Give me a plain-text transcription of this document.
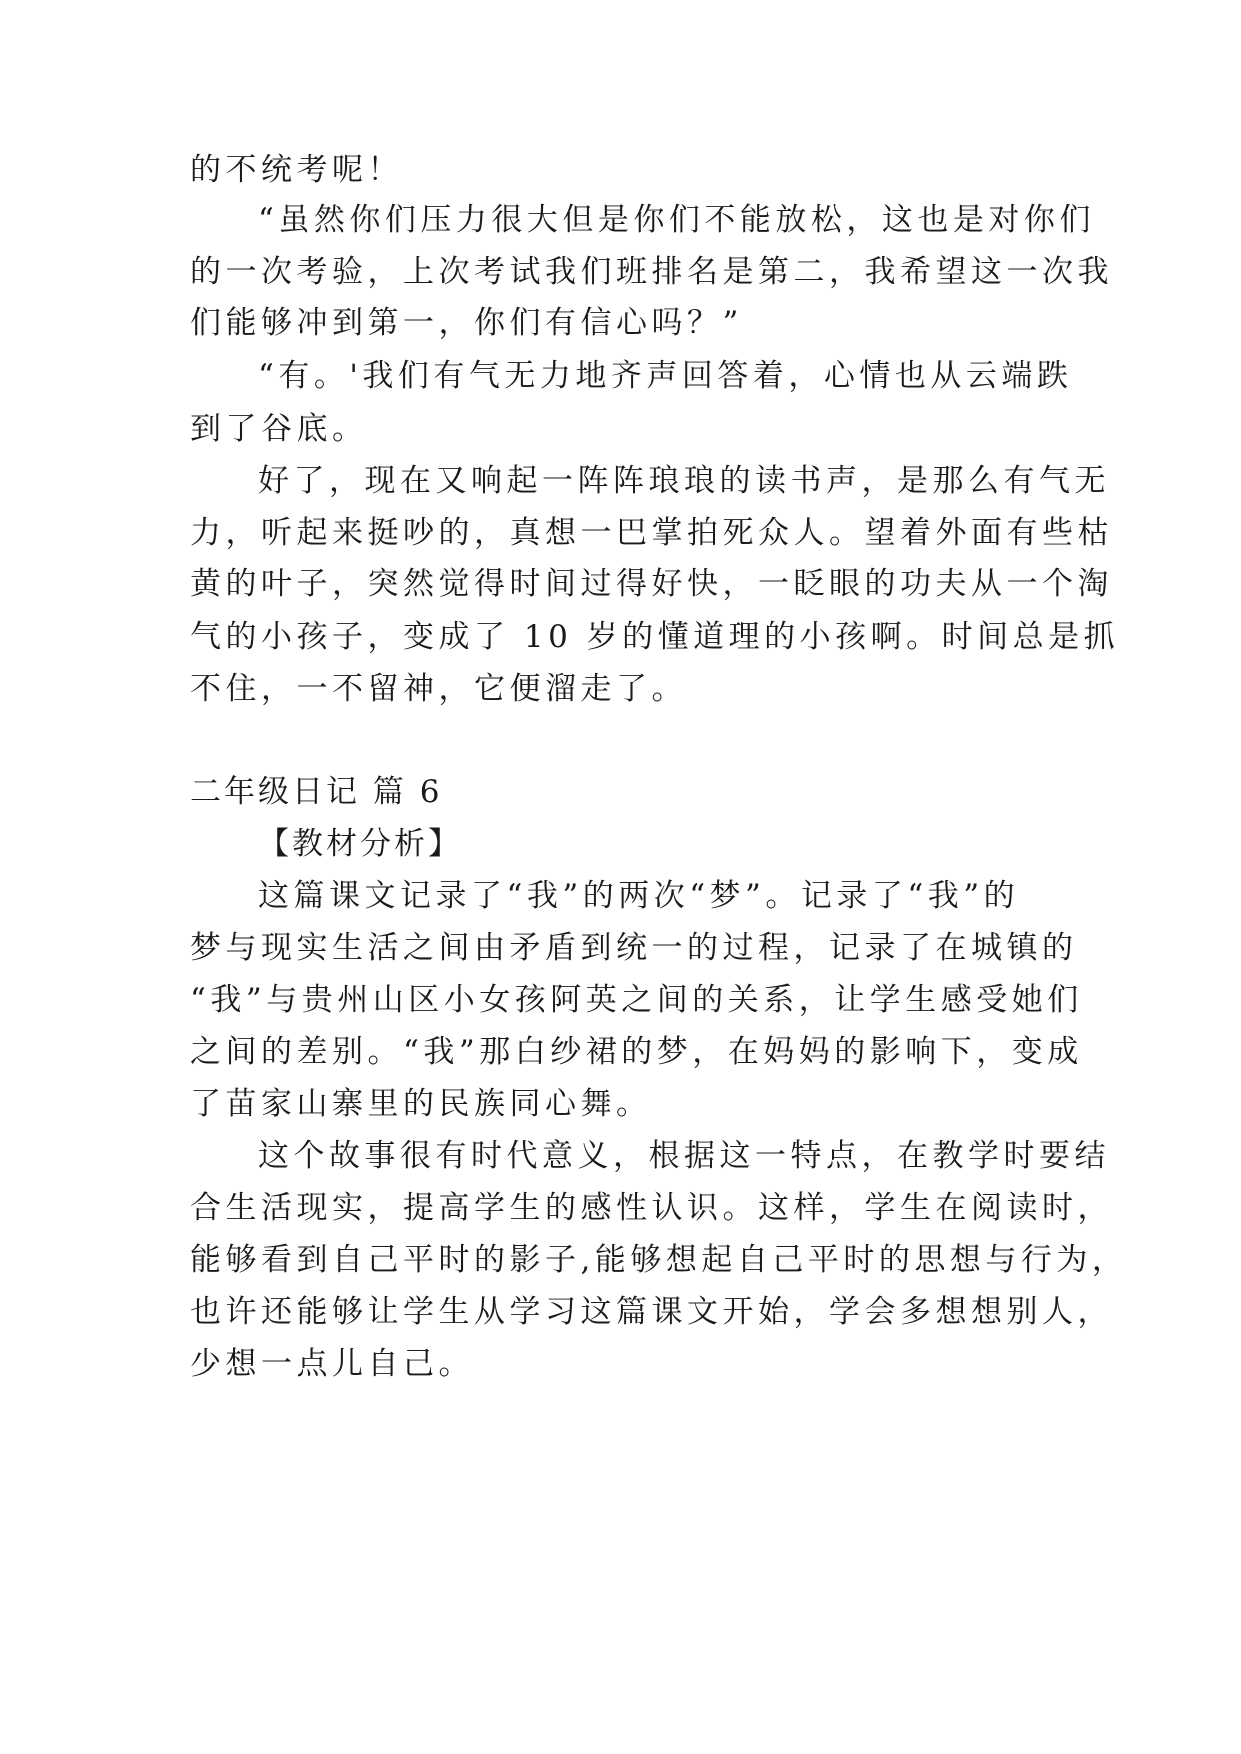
的不统考呢！
“虽然你们压力很大但是你们不能放松，这也是对你们
的一次考验，上次考试我们班排名是第二，我希望这一次我
们能够冲到第一，你们有信心吗？”
“有。'我们有气无力地齐声回答着，心情也从云端跌
到了谷底。
好了，现在又响起一阵阵琅琅的读书声，是那么有气无
力，听起来挺吵的，真想一巴掌拍死众人。望着外面有些枯
黄的叶子，突然觉得时间过得好快，一眨眼的功夫从一个淘
气的小孩子，变成了 10 岁的懂道理的小孩啊。时间总是抓
不住，一不留神，它便溜走了。
二年级日记 篇 6
【教材分析】
这篇课文记录了“我”的两次“梦”。记录了“我”的
梦与现实生活之间由矛盾到统一的过程，记录了在城镇的
“我”与贵州山区小女孩阿英之间的关系，让学生感受她们
之间的差别。“我”那白纱裙的梦，在妈妈的影响下，变成
了苗家山寨里的民族同心舞。
这个故事很有时代意义，根据这一特点，在教学时要结
合生活现实，提高学生的感性认识。这样，学生在阅读时，
能够看到自己平时的影子,能够想起自己平时的思想与行为，
也许还能够让学生从学习这篇课文开始，学会多想想别人，
少想一点儿自己。
